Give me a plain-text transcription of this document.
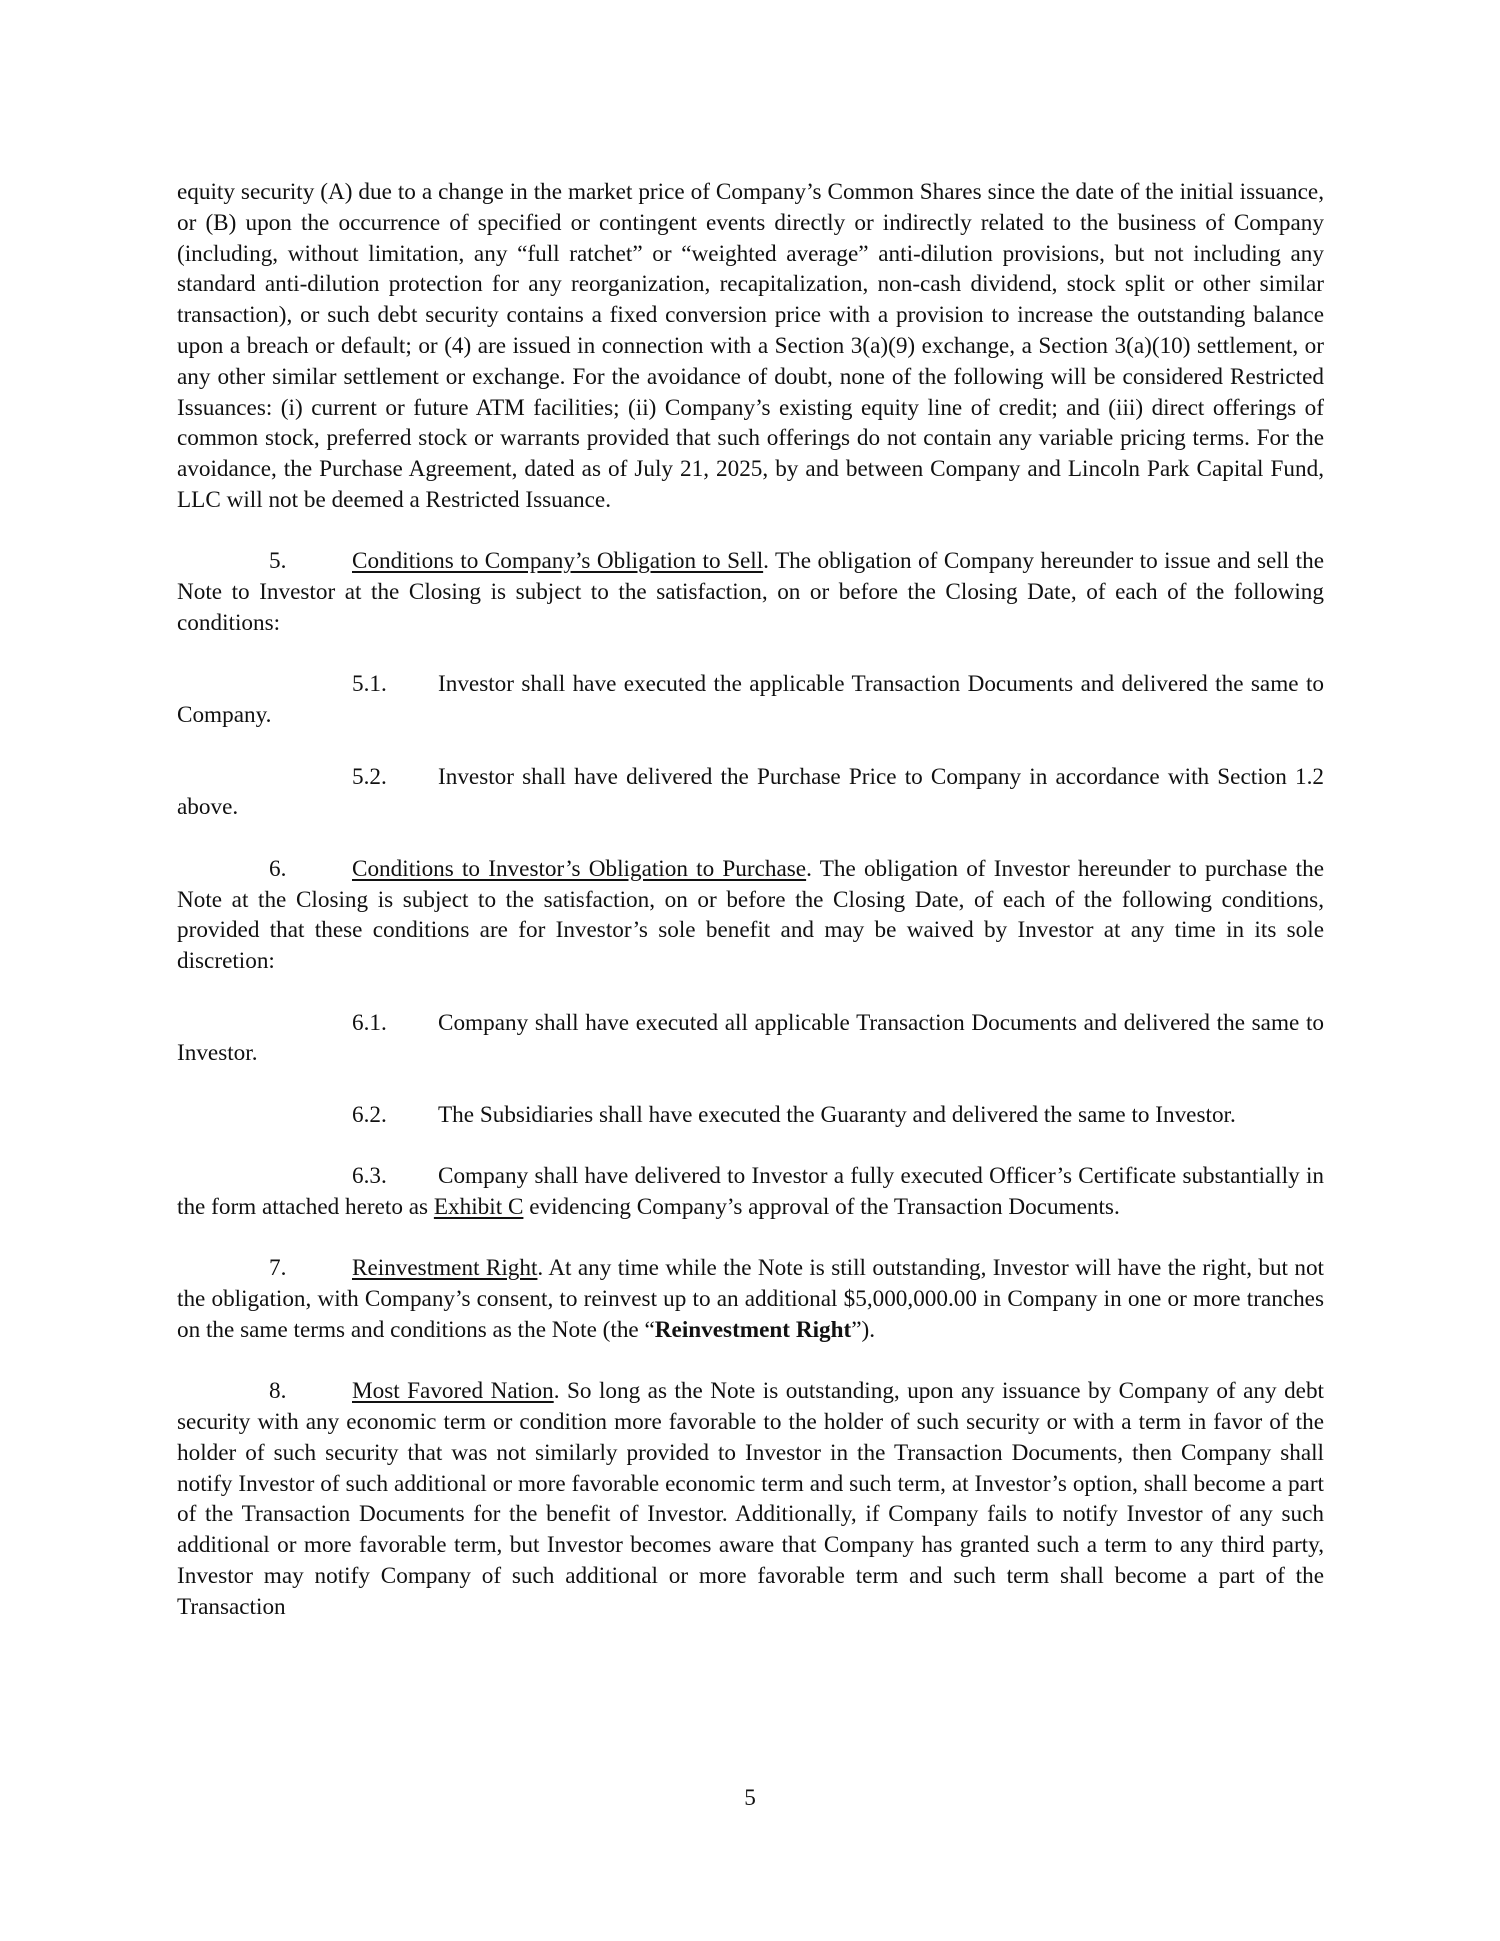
equity security (A) due to a change in the market price of Company’s Common Shares since the date of the initial issuance, or (B) upon the occurrence of specified or contingent events directly or indirectly related to the business of Company (including, without limitation, any “full ratchet” or “weighted average” anti-dilution provisions, but not including any standard anti-dilution protection for any reorganization, recapitalization, non-cash dividend, stock split or other similar transaction), or such debt security contains a fixed conversion price with a provision to increase the outstanding balance upon a breach or default; or (4) are issued in connection with a Section 3(a)(9) exchange, a Section 3(a)(10) settlement, or any other similar settlement or exchange. For the avoidance of doubt, none of the following will be considered Restricted Issuances: (i) current or future ATM facilities; (ii) Company’s existing equity line of credit; and (iii) direct offerings of common stock, preferred stock or warrants provided that such offerings do not contain any variable pricing terms. For the avoidance, the Purchase Agreement, dated as of July 21, 2025, by and between Company and Lincoln Park Capital Fund, LLC will not be deemed a Restricted Issuance.

5.	Conditions to Company’s Obligation to Sell. The obligation of Company hereunder to issue and sell the Note to Investor at the Closing is subject to the satisfaction, on or before the Closing Date, of each of the following conditions:

5.1. Investor shall have executed the applicable Transaction Documents and delivered the same to Company.

5.2. Investor shall have delivered the Purchase Price to Company in accordance with Section 1.2 above.

6.	Conditions to Investor’s Obligation to Purchase. The obligation of Investor hereunder to purchase the Note at the Closing is subject to the satisfaction, on or before the Closing Date, of each of the following conditions, provided that these conditions are for Investor’s sole benefit and may be waived by Investor at any time in its sole discretion:

6.1. Company shall have executed all applicable Transaction Documents and delivered the same to Investor.

6.2. The Subsidiaries shall have executed the Guaranty and delivered the same to Investor.

6.3. Company shall have delivered to Investor a fully executed Officer’s Certificate substantially in the form attached hereto as Exhibit C evidencing Company’s approval of the Transaction Documents.

7.	Reinvestment Right. At any time while the Note is still outstanding, Investor will have the right, but not the obligation, with Company’s consent, to reinvest up to an additional $5,000,000.00 in Company in one or more tranches on the same terms and conditions as the Note (the “Reinvestment Right”).

8.	Most Favored Nation. So long as the Note is outstanding, upon any issuance by Company of any debt security with any economic term or condition more favorable to the holder of such security or with a term in favor of the holder of such security that was not similarly provided to Investor in the Transaction Documents, then Company shall notify Investor of such additional or more favorable economic term and such term, at Investor’s option, shall become a part of the Transaction Documents for the benefit of Investor. Additionally, if Company fails to notify Investor of any such additional or more favorable term, but Investor becomes aware that Company has granted such a term to any third party, Investor may notify Company of such additional or more favorable term and such term shall become a part of the Transaction

5
